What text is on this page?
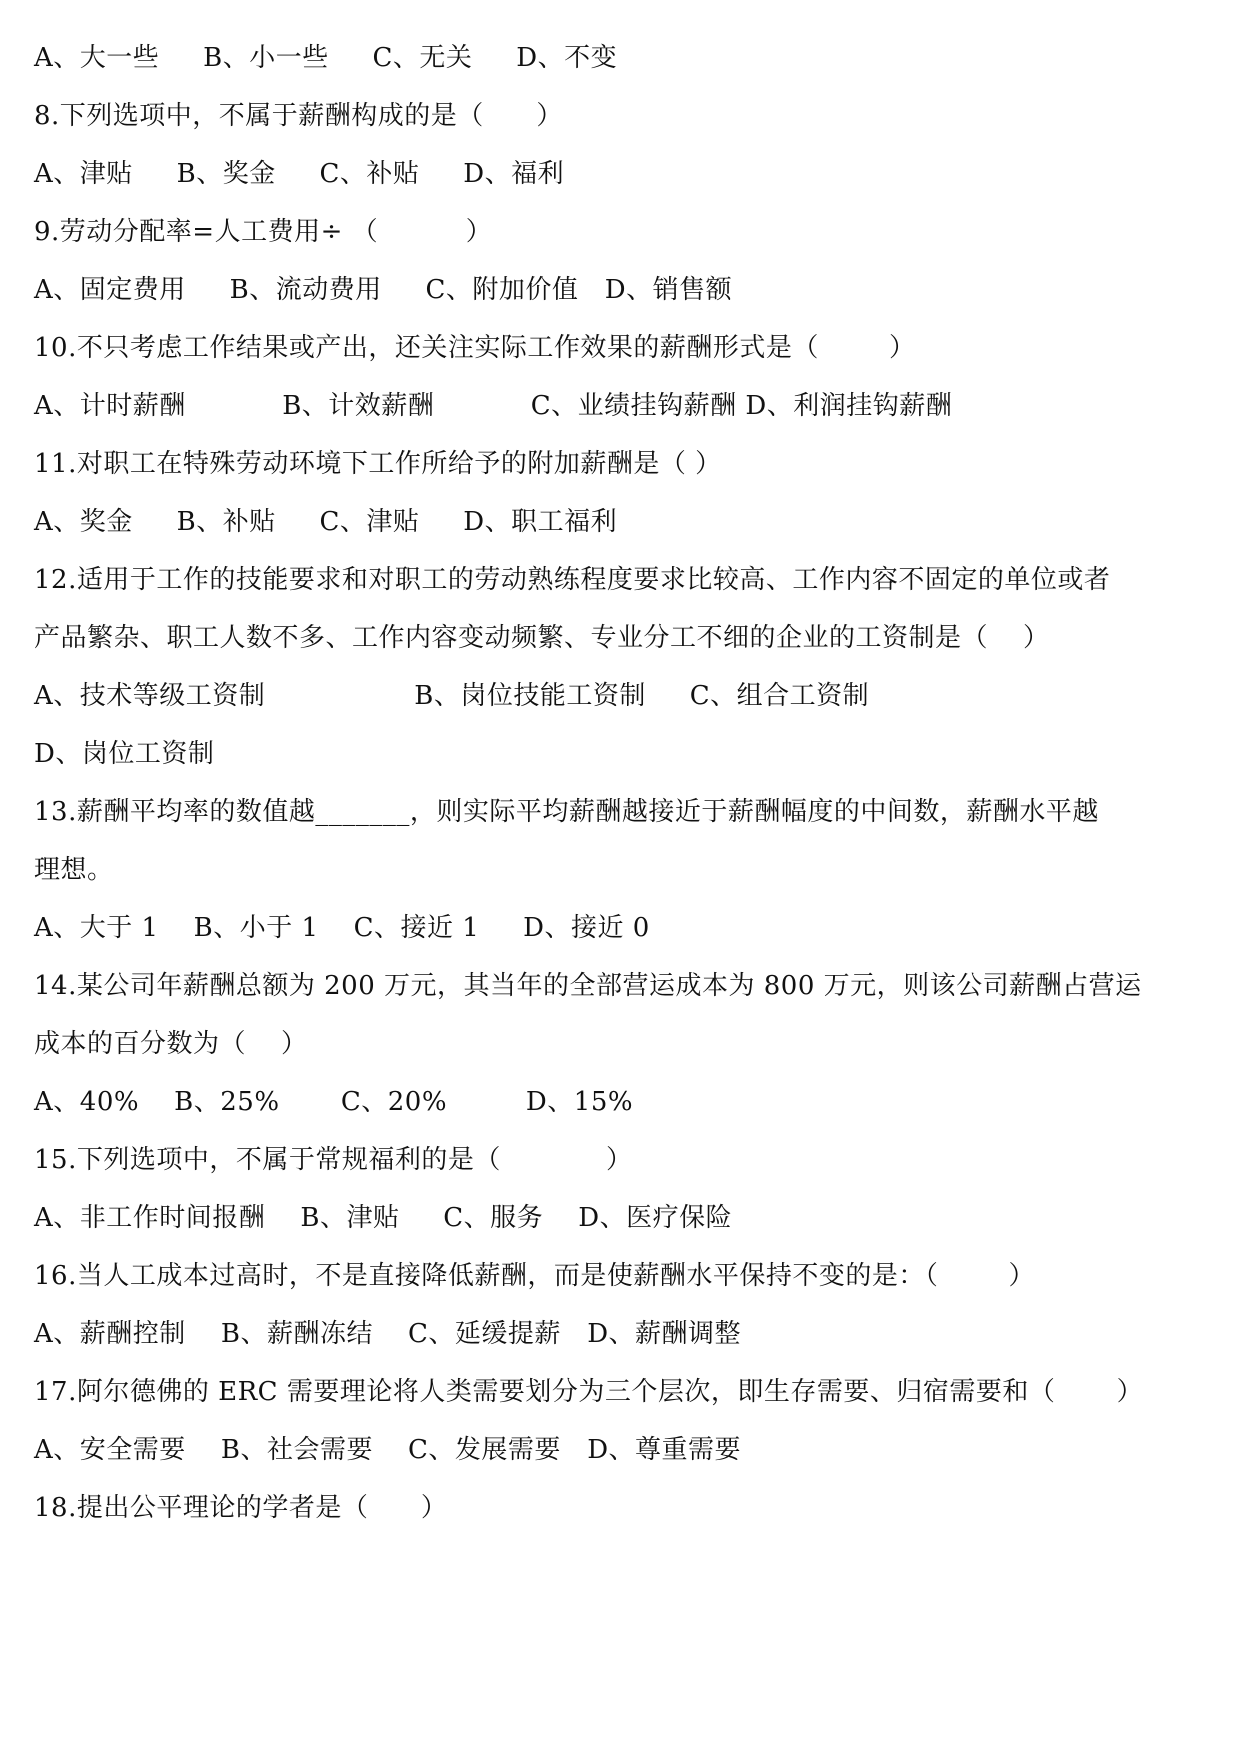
A、大一些     B、小一些     C、无关     D、不变
8.下列选项中，不属于薪酬构成的是（      ）
A、津贴     B、奖金     C、补贴     D、福利
9.劳动分配率=人工费用÷ （          ）
A、固定费用     B、流动费用     C、附加价值   D、销售额
10.不只考虑工作结果或产出，还关注实际工作效果的薪酬形式是（        ）
A、计时薪酬           B、计效薪酬           C、业绩挂钩薪酬 D、利润挂钩薪酬
11.对职工在特殊劳动环境下工作所给予的附加薪酬是（ ）
A、奖金     B、补贴     C、津贴     D、职工福利
12.适用于工作的技能要求和对职工的劳动熟练程度要求比较高、工作内容不固定的单位或者
产品繁杂、职工人数不多、工作内容变动频繁、专业分工不细的企业的工资制是（    ）
A、技术等级工资制                 B、岗位技能工资制     C、组合工资制
D、岗位工资制
13.薪酬平均率的数值越_______，则实际平均薪酬越接近于薪酬幅度的中间数，薪酬水平越
理想。
A、大于 1    B、小于 1    C、接近 1     D、接近 0
14.某公司年薪酬总额为 200 万元，其当年的全部营运成本为 800 万元，则该公司薪酬占营运
成本的百分数为（    ）
A、40%    B、25%       C、20%         D、15%
15.下列选项中，不属于常规福利的是（            ）
A、非工作时间报酬    B、津贴     C、服务    D、医疗保险
16.当人工成本过高时，不是直接降低薪酬，而是使薪酬水平保持不变的是：（        ）
A、薪酬控制    B、薪酬冻结    C、延缓提薪   D、薪酬调整
17.阿尔德佛的 ERC 需要理论将人类需要划分为三个层次，即生存需要、归宿需要和（       ）
A、安全需要    B、社会需要    C、发展需要   D、尊重需要
18.提出公平理论的学者是（      ）
